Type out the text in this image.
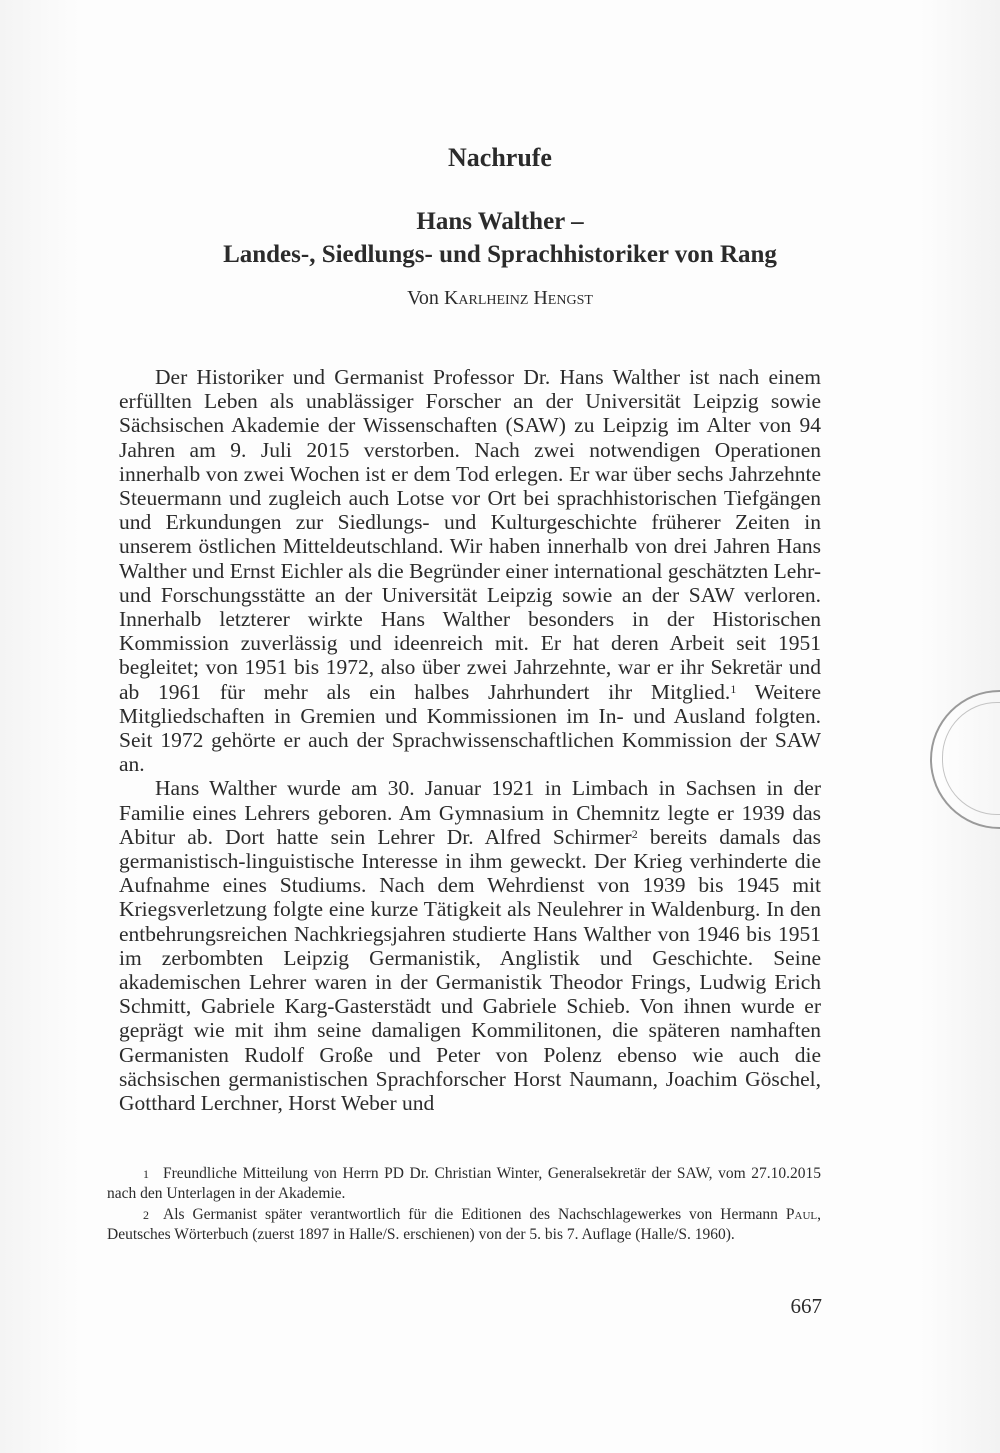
Nachrufe
Hans Walther –
Landes-, Siedlungs- und Sprachhistoriker von Rang

Von Karlheinz Hengst

Der Historiker und Germanist Professor Dr. Hans Walther ist nach einem erfüllten Leben als unablässiger Forscher an der Universität Leipzig sowie Sächsischen Akademie der Wissenschaften (SAW) zu Leipzig im Alter von 94 Jahren am 9. Juli 2015 verstorben. Nach zwei notwendigen Operationen innerhalb von zwei Wochen ist er dem Tod erlegen. Er war über sechs Jahrzehnte Steuermann und zugleich auch Lotse vor Ort bei sprachhistorischen Tiefgängen und Erkundungen zur Siedlungs- und Kulturgeschichte früherer Zeiten in unserem östlichen Mitteldeutschland. Wir haben innerhalb von drei Jahren Hans Walther und Ernst Eichler als die Begründer einer international geschätzten Lehr- und Forschungsstätte an der Universität Leipzig sowie an der SAW verloren. Innerhalb letzterer wirkte Hans Walther besonders in der Historischen Kommission zuverlässig und ideenreich mit. Er hat deren Arbeit seit 1951 begleitet; von 1951 bis 1972, also über zwei Jahrzehnte, war er ihr Sekretär und ab 1961 für mehr als ein halbes Jahrhundert ihr Mitglied.$^1$ Weitere Mitgliedschaften in Gremien und Kommissionen im In- und Ausland folgten. Seit 1972 gehörte er auch der Sprachwissenschaftlichen Kommission der SAW an.

Hans Walther wurde am 30. Januar 1921 in Limbach in Sachsen in der Familie eines Lehrers geboren. Am Gymnasium in Chemnitz legte er 1939 das Abitur ab. Dort hatte sein Lehrer Dr. Alfred Schirmer$^2$ bereits damals das germanistisch-linguistische Interesse in ihm geweckt. Der Krieg verhinderte die Aufnahme eines Studiums. Nach dem Wehrdienst von 1939 bis 1945 mit Kriegsverletzung folgte eine kurze Tätigkeit als Neulehrer in Waldenburg. In den entbehrungsreichen Nachkriegsjahren studierte Hans Walther von 1946 bis 1951 im zerbombten Leipzig Germanistik, Anglistik und Geschichte. Seine akademischen Lehrer waren in der Germanistik Theodor Frings, Ludwig Erich Schmitt, Gabriele Karg-Gasterstädt und Gabriele Schieb. Von ihnen wurde er geprägt wie mit ihm seine damaligen Kommilitonen, die späteren namhaften Germanisten Rudolf Große und Peter von Polenz ebenso wie auch die sächsischen germanistischen Sprachforscher Horst Naumann, Joachim Göschel, Gotthard Lerchner, Horst Weber und

1 Freundliche Mitteilung von Herrn PD Dr. Christian Winter, Generalsekretär der SAW, vom 27.10.2015 nach den Unterlagen in der Akademie.

2 Als Germanist später verantwortlich für die Editionen des Nachschlagewerkes von Hermann Paul, Deutsches Wörterbuch (zuerst 1897 in Halle/S. erschienen) von der 5. bis 7. Auflage (Halle/S. 1960).

667
